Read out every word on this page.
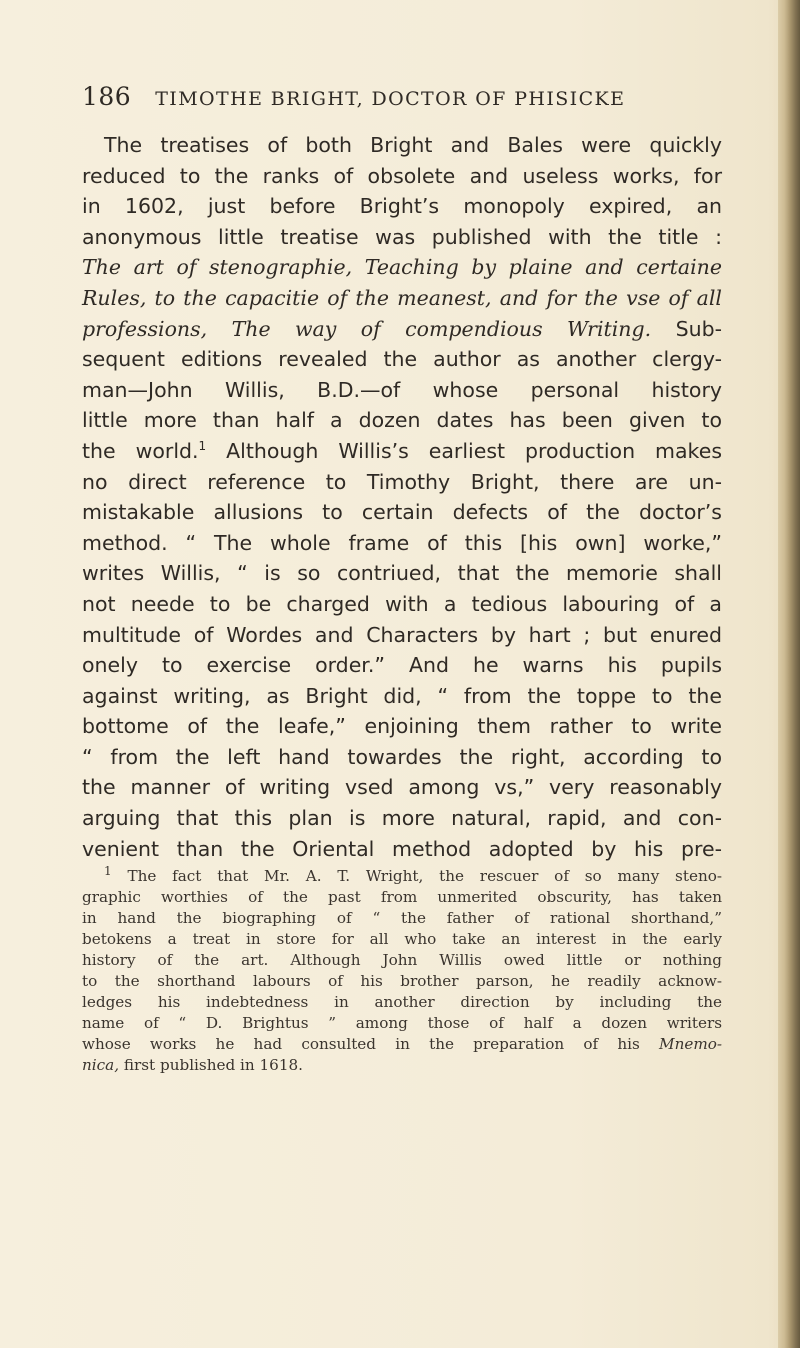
186 TIMOTHE BRIGHT, DOCTOR OF PHISICKE
The treatises of both Bright and Bales were quickly
reduced to the ranks of obsolete and useless works, for
in 1602, just before Bright’s monopoly expired, an
anonymous little treatise was published with the title :
The art of stenographie, Teaching by plaine and certaine
Rules, to the capacitie of the meanest, and for the vse of all
professions, The way of compendious Writing. Sub-
sequent editions revealed the author as another clergy-
man—John Willis, B.D.—of whose personal history
little more than half a dozen dates has been given to
the world.$^1$ Although Willis’s earliest production makes
no direct reference to Timothy Bright, there are un-
mistakable allusions to certain defects of the doctor’s
method. “ The whole frame of this [his own] worke,”
writes Willis, “ is so contriued, that the memorie shall
not neede to be charged with a tedious labouring of a
multitude of Wordes and Characters by hart ; but enured
onely to exercise order.” And he warns his pupils
against writing, as Bright did, “ from the toppe to the
bottome of the leafe,” enjoining them rather to write
“ from the left hand towardes the right, according to
the manner of writing vsed among vs,” very reasonably
arguing that this plan is more natural, rapid, and con-
venient than the Oriental method adopted by his pre-
$^1$ The fact that Mr. A. T. Wright, the rescuer of so many steno-
graphic worthies of the past from unmerited obscurity, has taken
in hand the biographing of “ the father of rational shorthand,”
betokens a treat in store for all who take an interest in the early
history of the art. Although John Willis owed little or nothing
to the shorthand labours of his brother parson, he readily acknow-
ledges his indebtedness in another direction by including the
name of “ D. Brightus ” among those of half a dozen writers
whose works he had consulted in the preparation of his Mnemo-
nica, first published in 1618.
